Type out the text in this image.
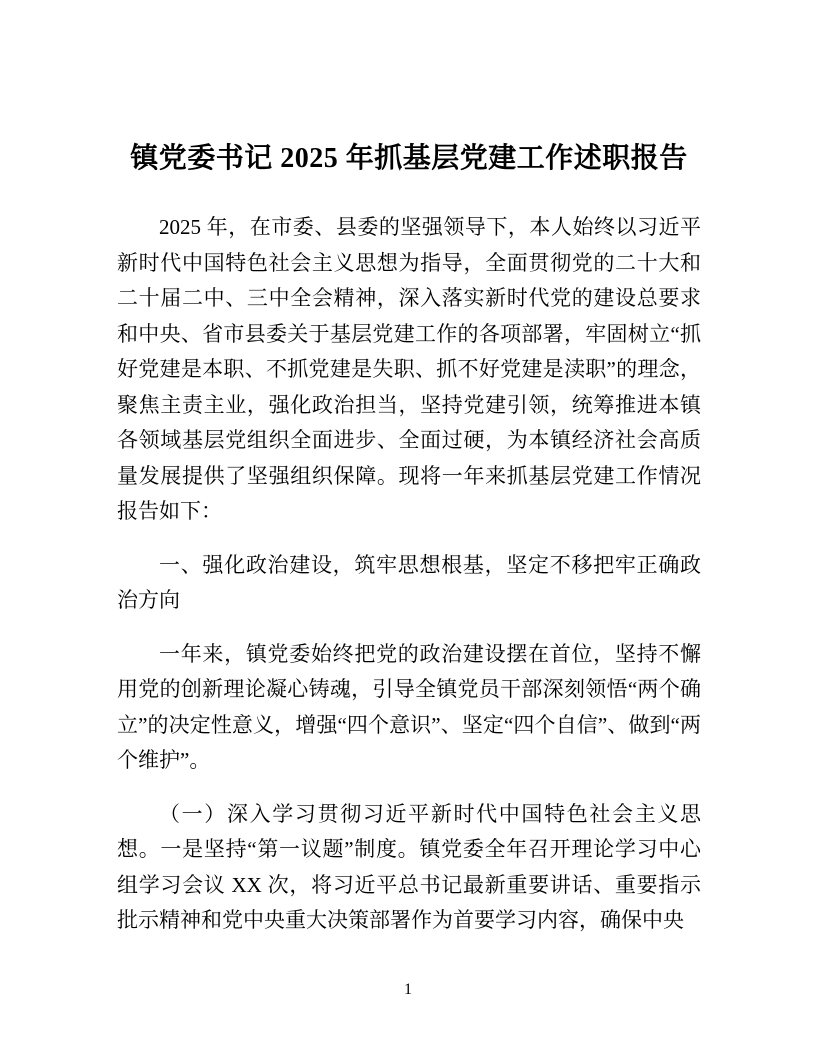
镇党委书记 2025 年抓基层党建工作述职报告

2025 年，在市委、县委的坚强领导下，本人始终以习近平新时代中国特色社会主义思想为指导，全面贯彻党的二十大和二十届二中、三中全会精神，深入落实新时代党的建设总要求和中央、省市县委关于基层党建工作的各项部署，牢固树立“抓好党建是本职、不抓党建是失职、抓不好党建是渎职”的理念，聚焦主责主业，强化政治担当，坚持党建引领，统筹推进本镇各领域基层党组织全面进步、全面过硬，为本镇经济社会高质量发展提供了坚强组织保障。现将一年来抓基层党建工作情况报告如下：

一、强化政治建设，筑牢思想根基，坚定不移把牢正确政治方向

一年来，镇党委始终把党的政治建设摆在首位，坚持不懈用党的创新理论凝心铸魂，引导全镇党员干部深刻领悟“两个确立”的决定性意义，增强“四个意识”、坚定“四个自信”、做到“两个维护”。

（一）深入学习贯彻习近平新时代中国特色社会主义思想。一是坚持“第一议题”制度。镇党委全年召开理论学习中心组学习会议 XX 次，将习近平总书记最新重要讲话、重要指示批示精神和党中央重大决策部署作为首要学习内容，确保中央

1
